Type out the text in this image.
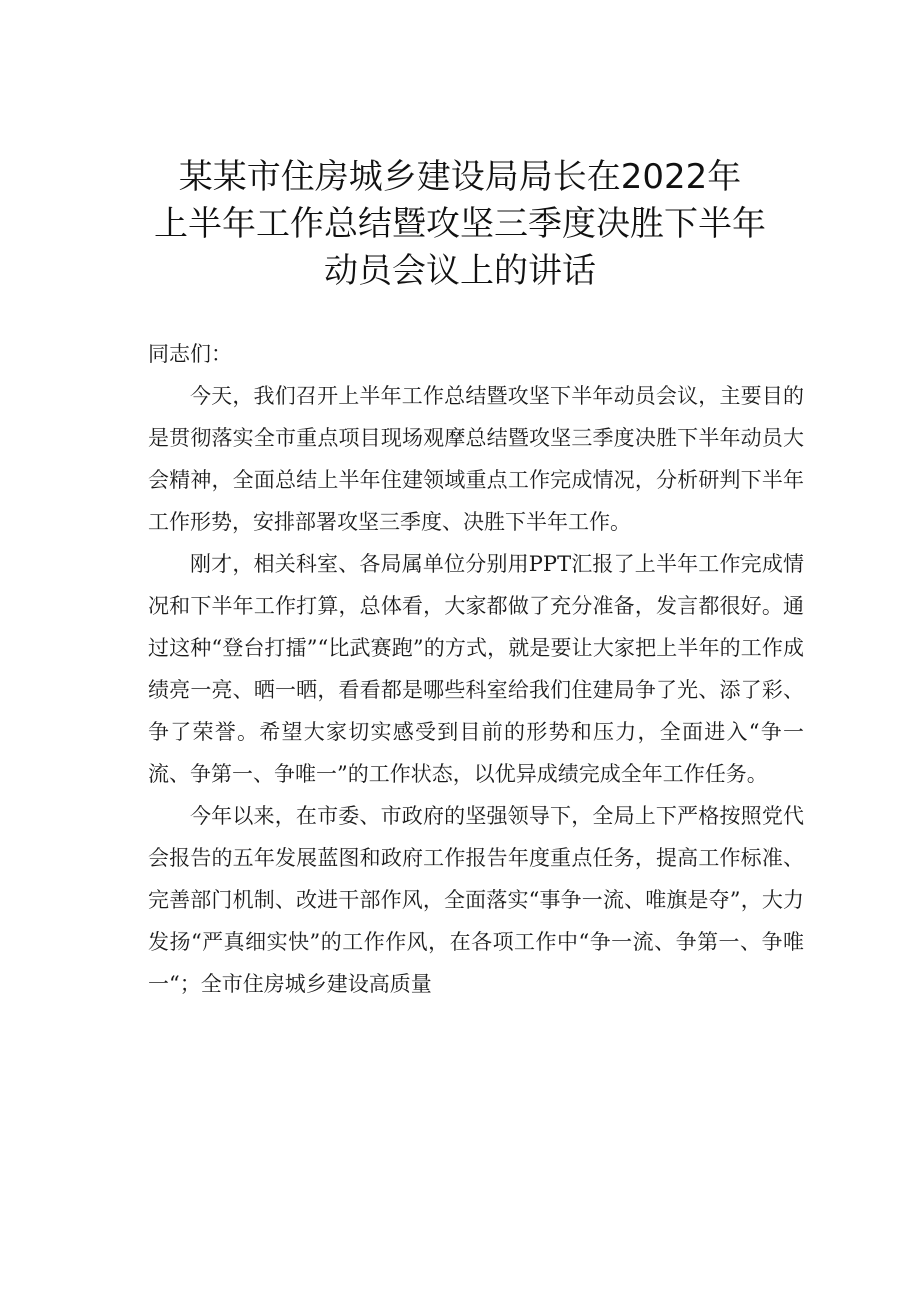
某某市住房城乡建设局局长在2022年
上半年工作总结暨攻坚三季度决胜下半年
动员会议上的讲话

同志们：

今天，我们召开上半年工作总结暨攻坚下半年动员会议，主要目的是贯彻落实全市重点项目现场观摩总结暨攻坚三季度决胜下半年动员大会精神，全面总结上半年住建领域重点工作完成情况，分析研判下半年工作形势，安排部署攻坚三季度、决胜下半年工作。

刚才，相关科室、各局属单位分别用PPT汇报了上半年工作完成情况和下半年工作打算，总体看，大家都做了充分准备，发言都很好。通过这种“登台打擂”“比武赛跑”的方式，就是要让大家把上半年的工作成绩亮一亮、晒一晒，看看都是哪些科室给我们住建局争了光、添了彩、争了荣誉。希望大家切实感受到目前的形势和压力，全面进入“争一流、争第一、争唯一”的工作状态，以优异成绩完成全年工作任务。

今年以来，在市委、市政府的坚强领导下，全局上下严格按照党代会报告的五年发展蓝图和政府工作报告年度重点任务，提高工作标准、完善部门机制、改进干部作风，全面落实“事争一流、唯旗是夺”，大力发扬“严真细实快”的工作作风，在各项工作中“争一流、争第一、争唯一“；全市住房城乡建设高质量
